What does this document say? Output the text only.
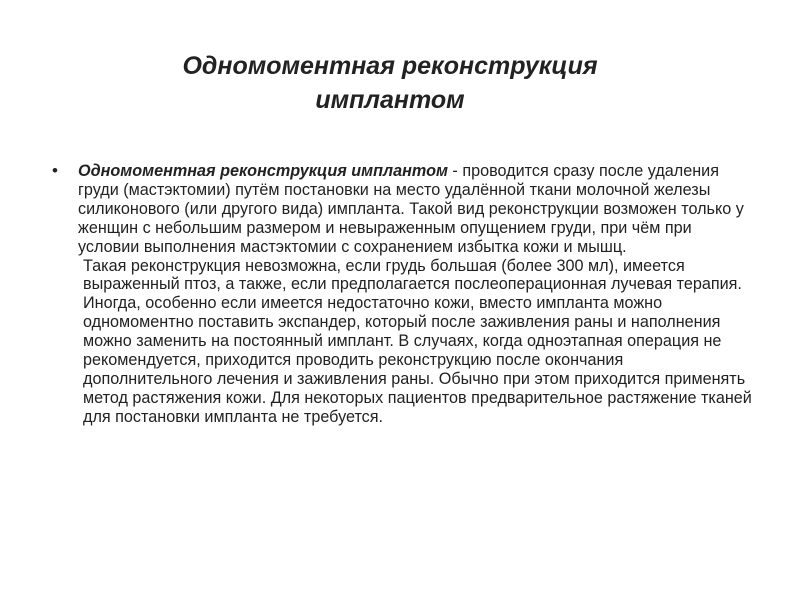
Одномоментная реконструкция
имплантом
• Одномоментная реконструкция имплантом - проводится сразу после удаления груди (мастэктомии) путём постановки на место удалённой ткани молочной железы силиконового (или другого вида) импланта. Такой вид реконструкции возможен только у женщин с небольшим размером и невыраженным опущением груди, при чём при условии выполнения мастэктомии с сохранением избытка кожи и мышц.

Такая реконструкция невозможна, если грудь большая (более 300 мл), имеется выраженный птоз, а также, если предполагается послеоперационная лучевая терапия.

Иногда, особенно если имеется недостаточно кожи, вместо импланта можно одномоментно поставить экспандер, который после заживления раны и наполнения можно заменить на постоянный имплант. В случаях, когда одноэтапная операция не рекомендуется, приходится проводить реконструкцию после окончания дополнительного лечения и заживления раны. Обычно при этом приходится применять метод растяжения кожи. Для некоторых пациентов предварительное растяжение тканей для постановки импланта не требуется.
